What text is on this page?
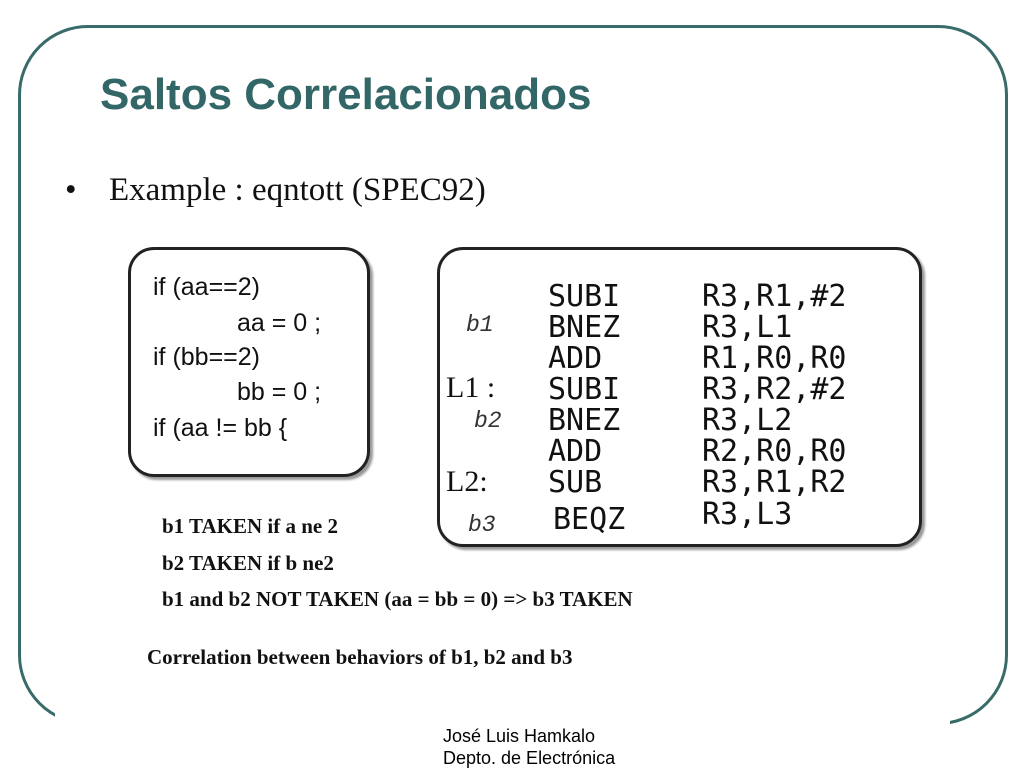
Saltos Correlacionados
• Example : eqntott (SPEC92)
if (aa==2)
aa = 0 ;
if (bb==2)
bb = 0 ;
if (aa != bb {
SUBI	R3,R1,#2
b1 BNEZ	R3,L1
ADD	R1,R0,R0
L1 : SUBI	R3,R2,#2
b2 BNEZ	R3,L2
ADD	R2,R0,R0
L2: SUB	R3,R1,R2
b3 BEQZ	R3,L3
b1 TAKEN if a ne 2
b2 TAKEN if b ne2
b1 and b2 NOT TAKEN (aa = bb = 0) => b3 TAKEN
Correlation between behaviors of b1, b2 and b3
José Luis Hamkalo
Depto. de Electrónica
